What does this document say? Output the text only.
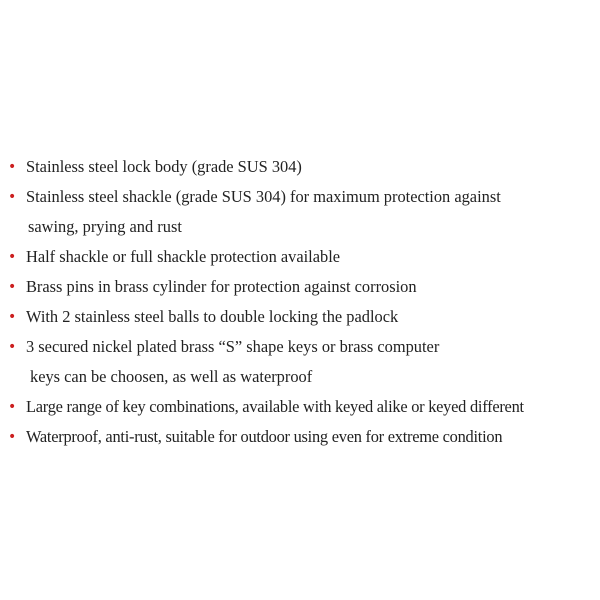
• Stainless steel lock body (grade SUS 304)
• Stainless steel shackle (grade SUS 304) for maximum protection against
sawing, prying and rust
• Half shackle or full shackle protection available
• Brass pins in brass cylinder for protection against corrosion
• With 2 stainless steel balls to double locking the padlock
• 3 secured nickel plated brass “S” shape keys or brass computer
keys can be choosen, as well as waterproof
• Large range of key combinations, available with keyed alike or keyed different
• Waterproof, anti-rust, suitable for outdoor using even for extreme condition
